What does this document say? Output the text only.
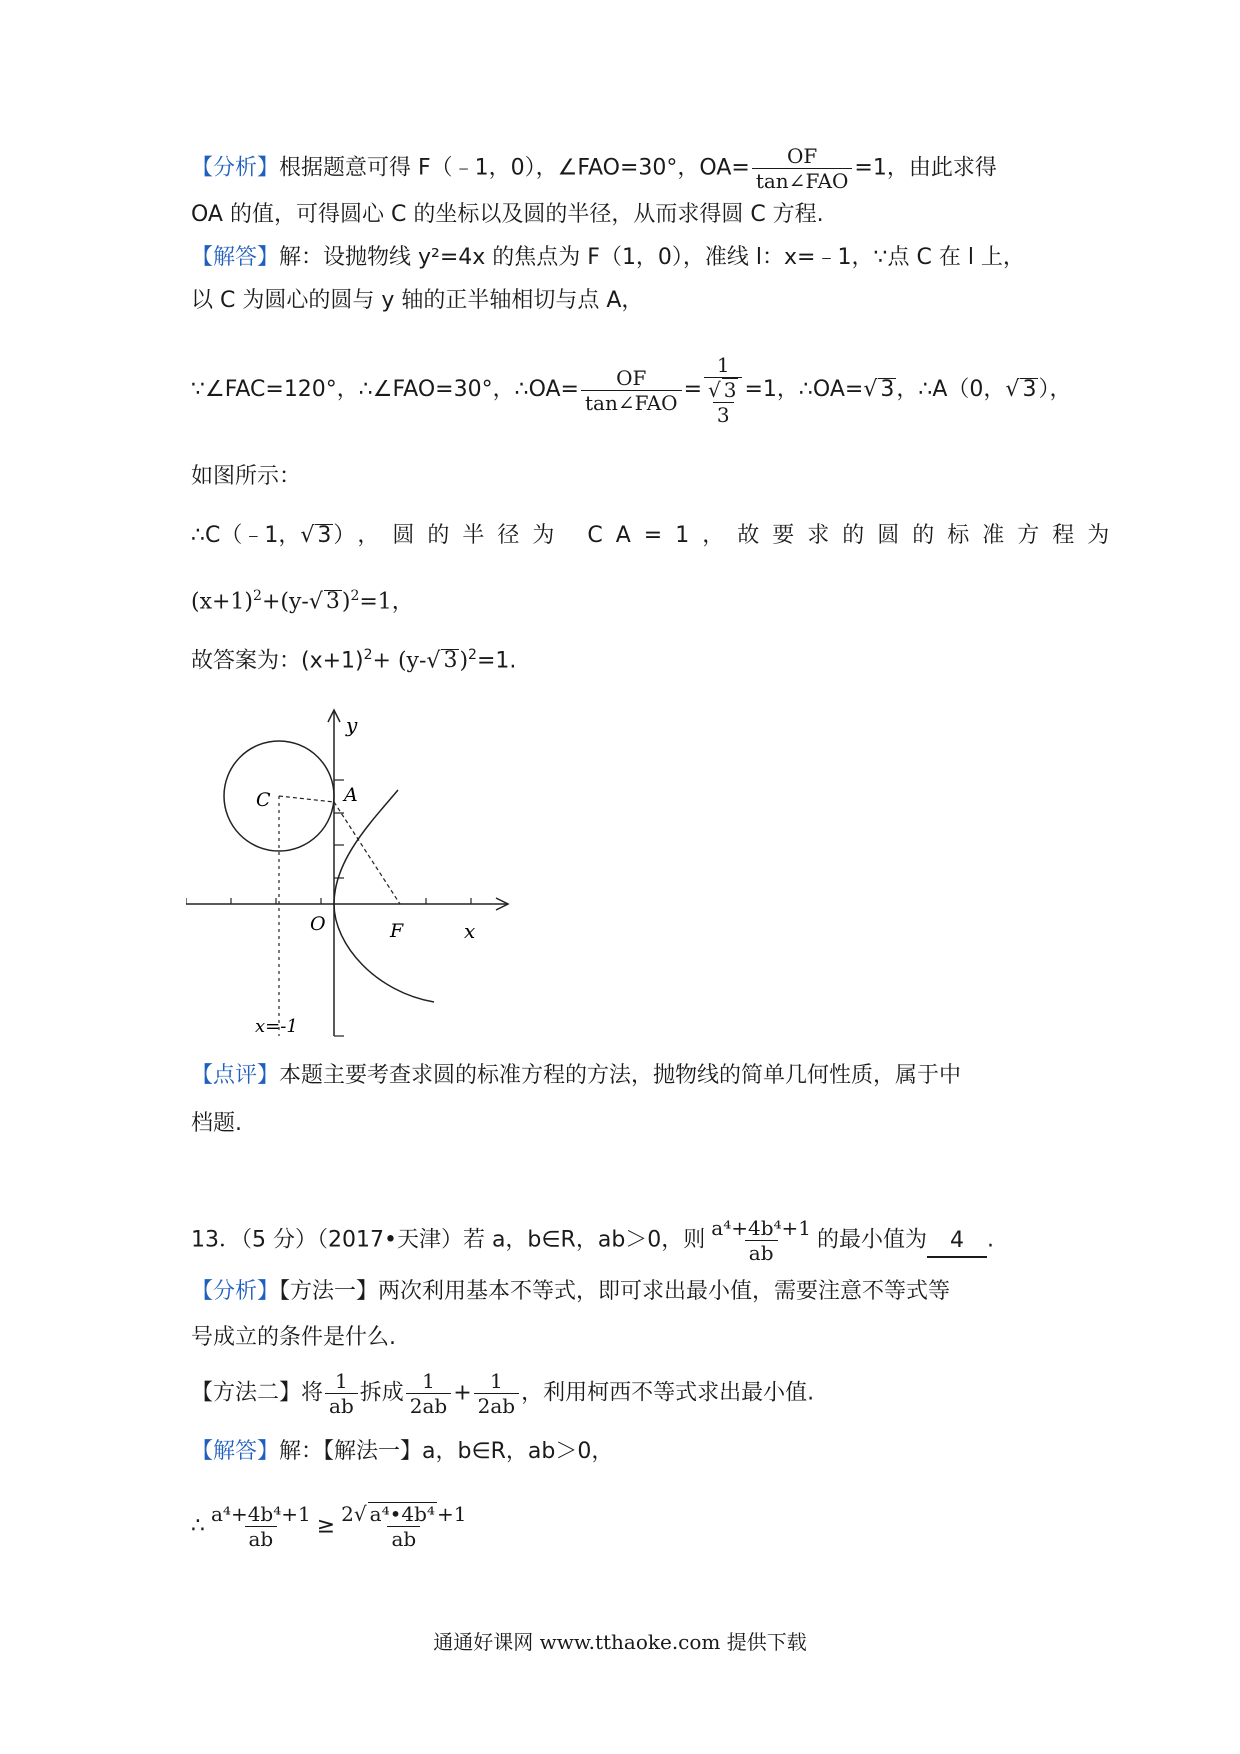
【分析】根据题意可得 F（﹣1，0），∠FAO=30°，$OA= \frac{OF}{\text{tan∠FAO}} =1$，由此求得
OA 的值，可得圆心 C 的坐标以及圆的半径，从而求得圆 C 方程.
【解答】解：设抛物线 y²=4x 的焦点为 F（1，0），准线 l：x=﹣1，∵点 C 在 l 上，
以 C 为圆心的圆与 y 轴的正半轴相切与点 A，
∵∠FAC=120°，∴∠FAO=30°，∴OA= $\frac{OF}{\text{tan∠FAO}} = 1$
√ 3
3 =1，∴OA=√ 3，∴A（0，√ 3），
如图所示：
∴C（﹣1，√ 3），圆的半径为 CA=1，故要求的圆的标准方程为
$(x+1)^2+(y-√$ 3)$^2$=1，
故答案为：$(x+1)^2+ (y-√$ 3)$^2$=1.
y
x
C	A
O	F
x=-1
【点评】本题主要考查求圆的标准方程的方法，抛物线的简单几何性质，属于中
档题.
13．（5 分）（2017•天津）若 a，b∈R，ab＞0，则 $\frac{\text{a⁴+4b⁴+1}}{ab}$ 的最小值为 4 .
【分析】【方法一】两次利用基本不等式，即可求出最小值，需要注意不等式等
号成立的条件是什么.
【方法二】将 $\frac{1}{ab}$ 拆成 $\frac{1}{2ab} + \frac{1}{2ab}$ ，利用柯西不等式求出最小值.
【解答】解：【解法一】a，b∈R，ab＞0，
∴ $\frac{\text{a⁴+4b⁴+1}}{ab} \ge \frac{\text{2√ a⁴•4b⁴ +1}}{ab}$
通通好课网 www.tthaoke.com 提供下载
